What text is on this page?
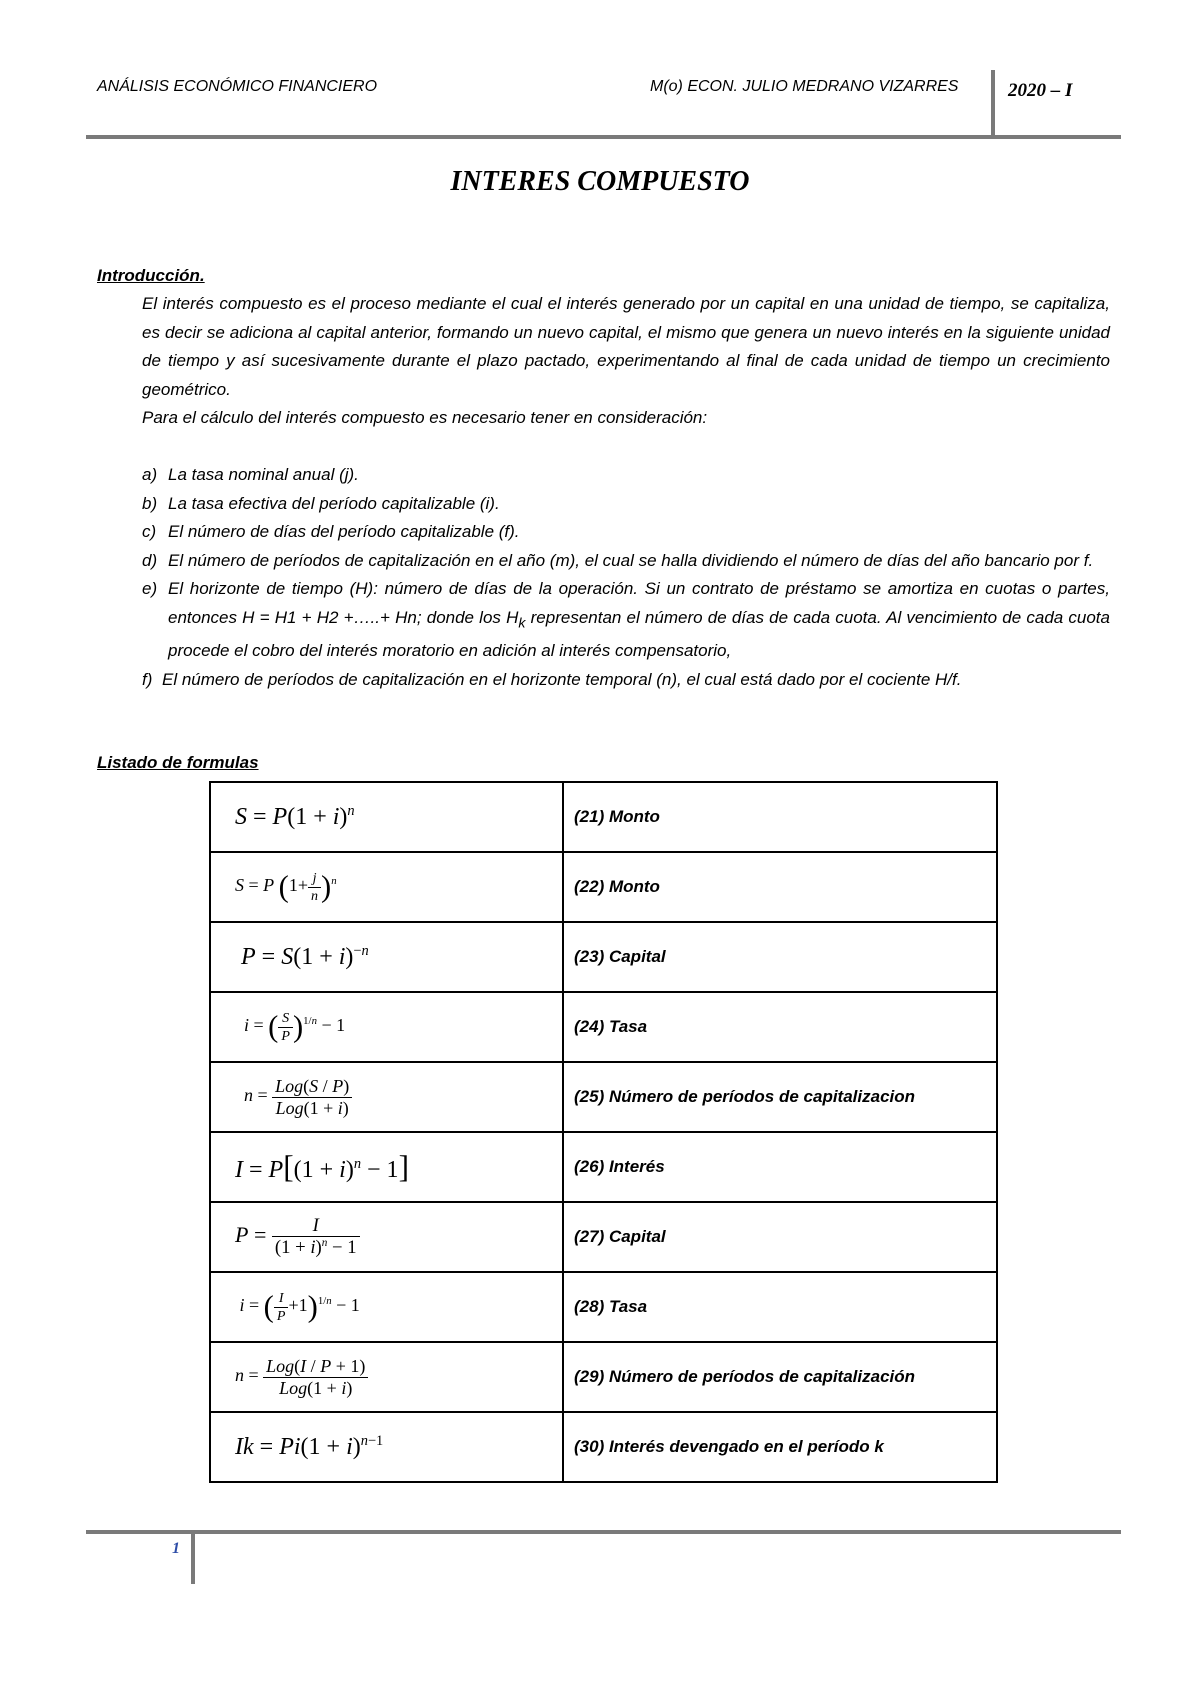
ANÁLISIS ECONÓMICO FINANCIERO	M(o) ECON. JULIO MEDRANO VIZARRES	2020 – I
INTERES COMPUESTO
Introducción.
El interés compuesto es el proceso mediante el cual el interés generado por un capital en una unidad de tiempo, se capitaliza, es decir se adiciona al capital anterior, formando un nuevo capital, el mismo que genera un nuevo interés en la siguiente unidad de tiempo y así sucesivamente durante el plazo pactado, experimentando al final de cada unidad de tiempo un crecimiento geométrico.
Para el cálculo del interés compuesto es necesario tener en consideración:
a) La tasa nominal anual (j).
b) La tasa efectiva del período capitalizable (i).
c) El número de días del período capitalizable (f).
d) El número de períodos de capitalización en el año (m), el cual se halla dividiendo el número de días del año bancario por f.
e) El horizonte de tiempo (H): número de días de la operación. Si un contrato de préstamo se amortiza en cuotas o partes, entonces H = H1 + H2 +…..+ Hn; donde los $H_k$ representan el número de días de cada cuota. Al vencimiento de cada cuota procede el cobro del interés moratorio en adición al interés compensatorio,
f) El número de períodos de capitalización en el horizonte temporal (n), el cual está dado por el cociente H/f.
Listado de formulas
$S = P(1 + i)^n$	(21) Monto
S = P $(1+ \frac{j}{n} )^n$	(22) Monto
$P = S(1 + i)^{-n}$	(23) Capital
i = ( $\frac{S}{P} )^{1/n} - 1$	(24) Tasa
$n = \frac{\text{Log(S / P)}}{\text{Log(1 + i)}}$	(25) Número de períodos de capitalizacion
$I = P[(1 + i)^n - 1]$	(26) Interés
$P = \frac{I}{(1 + i)^n - 1}$	(27) Capital
i = ( $\frac{I}{P} +1)^{1/n} - 1$	(28) Tasa
$n = \frac{\text{Log(I / P + 1)}}{\text{Log(1 + i)}}$	(29) Número de períodos de capitalización
$Ik = Pi(1 + i)^{n-1}$	(30) Interés devengado en el período k
1
